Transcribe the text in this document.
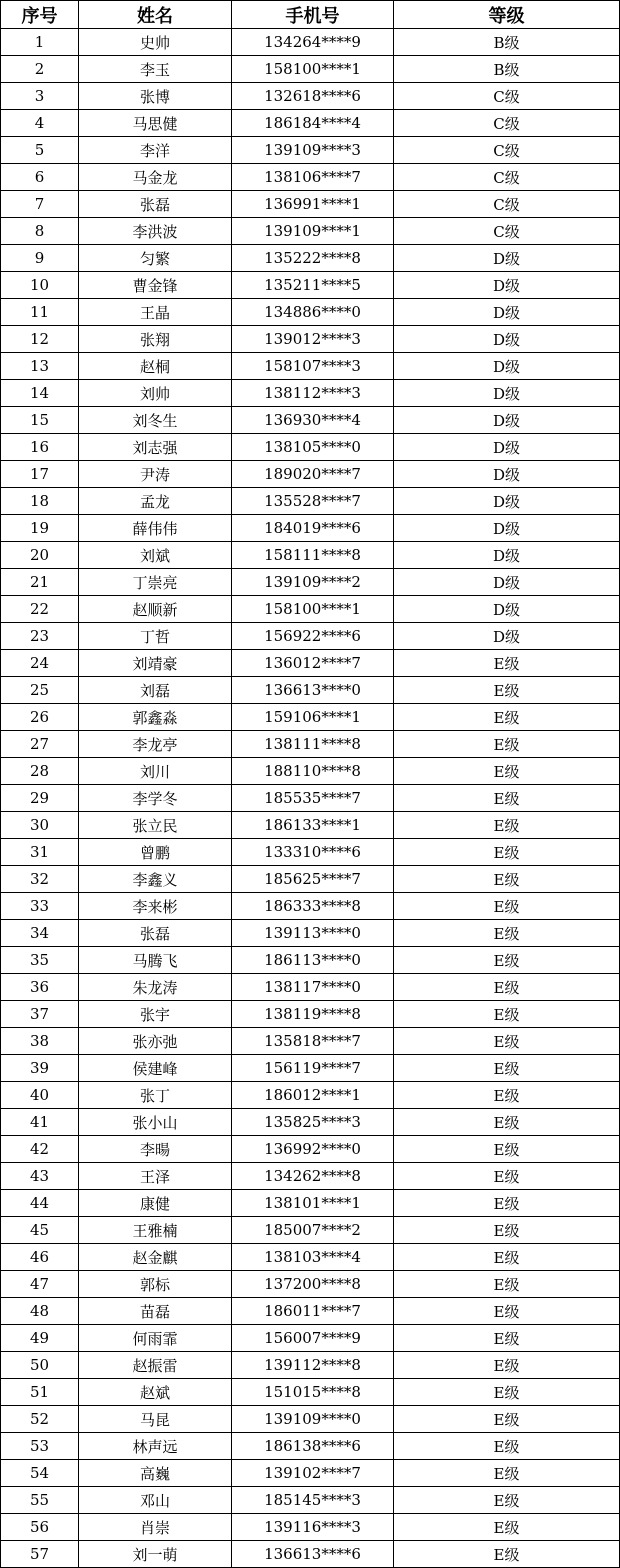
序号	姓名	手机号	等级
1	史帅	134264****9	B级
2	李玉	158100****1	B级
3	张博	132618****6	C级
4	马思健	186184****4	C级
5	李洋	139109****3	C级
6	马金龙	138106****7	C级
7	张磊	136991****1	C级
8	李洪波	139109****1	C级
9	匀繁	135222****8	D级
10	曹金锋	135211****5	D级
11	王晶	134886****0	D级
12	张翔	139012****3	D级
13	赵桐	158107****3	D级
14	刘帅	138112****3	D级
15	刘冬生	136930****4	D级
16	刘志强	138105****0	D级
17	尹涛	189020****7	D级
18	孟龙	135528****7	D级
19	薛伟伟	184019****6	D级
20	刘斌	158111****8	D级
21	丁崇亮	139109****2	D级
22	赵顺新	158100****1	D级
23	丁哲	156922****6	D级
24	刘靖豪	136012****7	E级
25	刘磊	136613****0	E级
26	郭鑫淼	159106****1	E级
27	李龙亭	138111****8	E级
28	刘川	188110****8	E级
29	李学冬	185535****7	E级
30	张立民	186133****1	E级
31	曾鹏	133310****6	E级
32	李鑫义	185625****7	E级
33	李来彬	186333****8	E级
34	张磊	139113****0	E级
35	马腾飞	186113****0	E级
36	朱龙涛	138117****0	E级
37	张宇	138119****8	E级
38	张亦弛	135818****7	E级
39	侯建峰	156119****7	E级
40	张丁	186012****1	E级
41	张小山	135825****3	E级
42	李暘	136992****0	E级
43	王泽	134262****8	E级
44	康健	138101****1	E级
45	王雅楠	185007****2	E级
46	赵金麒	138103****4	E级
47	郭标	137200****8	E级
48	苗磊	186011****7	E级
49	何雨霏	156007****9	E级
50	赵振雷	139112****8	E级
51	赵斌	151015****8	E级
52	马昆	139109****0	E级
53	林声远	186138****6	E级
54	高巍	139102****7	E级
55	邓山	185145****3	E级
56	肖崇	139116****3	E级
57	刘一萌	136613****6	E级
